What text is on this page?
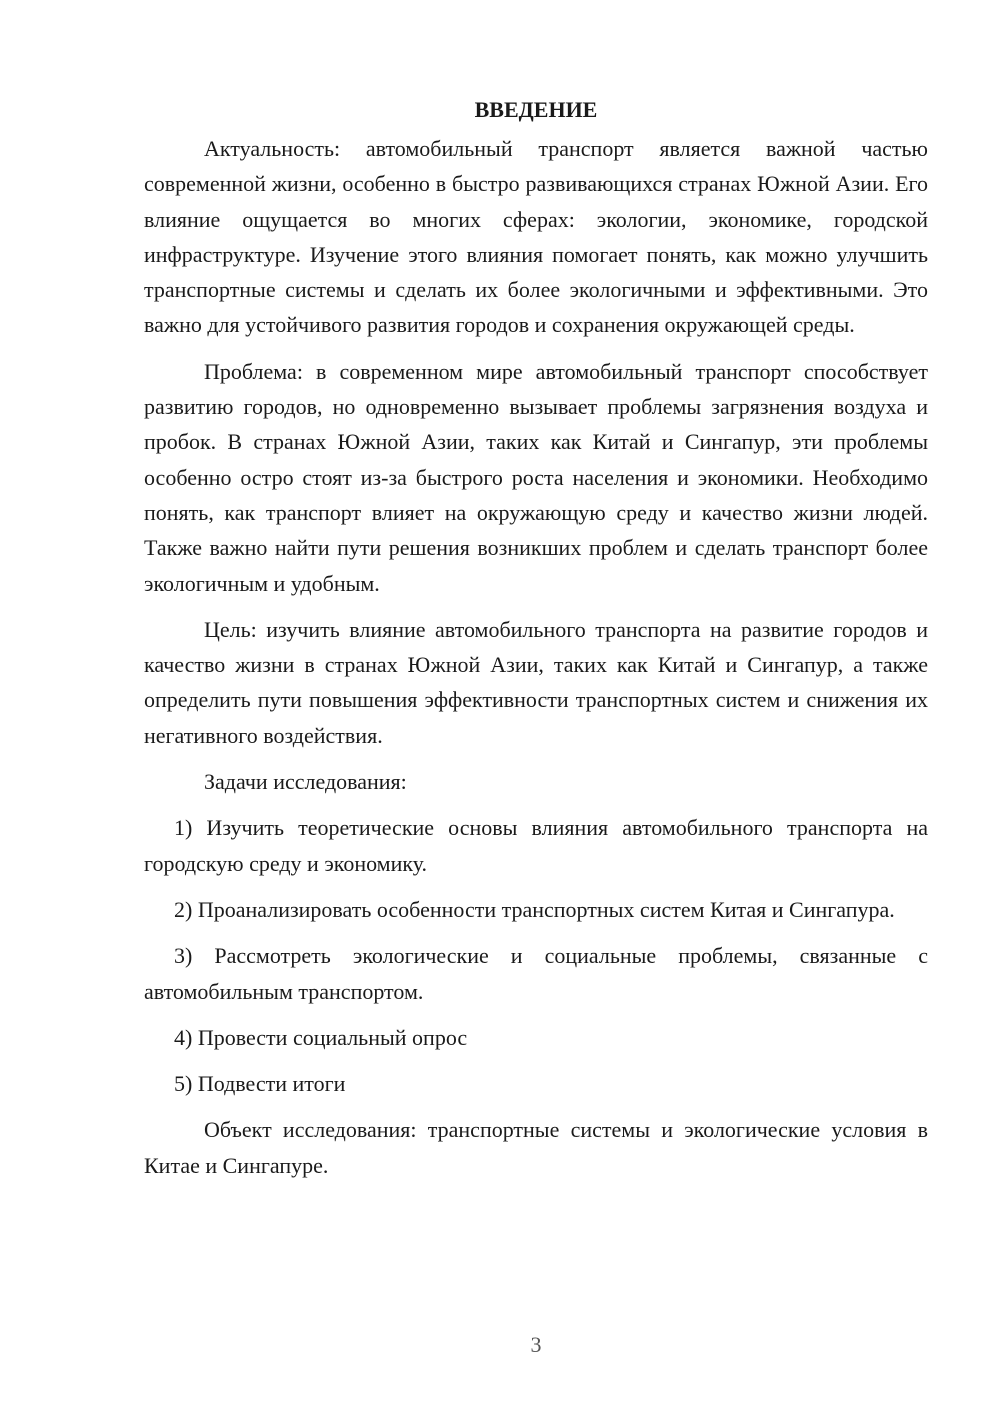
ВВЕДЕНИЕ

Актуальность: автомобильный транспорт является важной частью современной жизни, особенно в быстро развивающихся странах Южной Азии. Его влияние ощущается во многих сферах: экологии, экономике, городской инфраструктуре. Изучение этого влияния помогает понять, как можно улучшить транспортные системы и сделать их более экологичными и эффективными. Это важно для устойчивого развития городов и сохранения окружающей среды.

Проблема: в современном мире автомобильный транспорт способствует развитию городов, но одновременно вызывает проблемы загрязнения воздуха и пробок. В странах Южной Азии, таких как Китай и Сингапур, эти проблемы особенно остро стоят из-за быстрого роста населения и экономики. Необходимо понять, как транспорт влияет на окружающую среду и качество жизни людей. Также важно найти пути решения возникших проблем и сделать транспорт более экологичным и удобным.

Цель: изучить влияние автомобильного транспорта на развитие городов и качество жизни в странах Южной Азии, таких как Китай и Сингапур, а также определить пути повышения эффективности транспортных систем и снижения их негативного воздействия.

Задачи исследования:

1) Изучить теоретические основы влияния автомобильного транспорта на городскую среду и экономику.

2) Проанализировать особенности транспортных систем Китая и Сингапура.

3) Рассмотреть экологические и социальные проблемы, связанные с автомобильным транспортом.

4) Провести социальный опрос

5) Подвести итоги

Объект исследования: транспортные системы и экологические условия в Китае и Сингапуре.

3
